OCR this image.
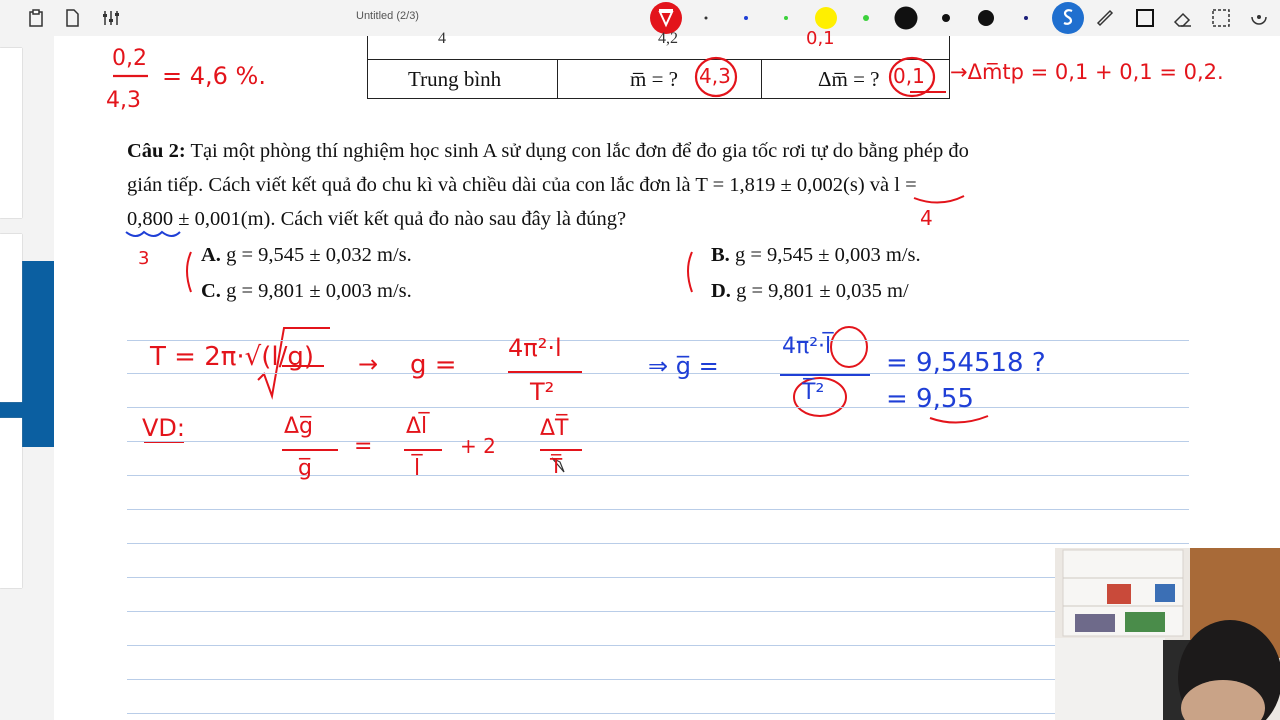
Untitled (2/3)
4	4,2	0,1
Trung bình	m̅ = ?	Δm̅ = ?
Câu 2: Tại một phòng thí nghiệm học sinh A sử dụng con lắc đơn để đo gia tốc rơi tự do bằng phép đo
gián tiếp. Cách viết kết quả đo chu kì và chiều dài của con lắc đơn là T = 1,819 ± 0,002(s) và l =
0,800 ± 0,001(m). Cách viết kết quả đo nào sau đây là đúng?
A. g = 9,545 ± 0,032 m/s.	B. g = 9,545 ± 0,003 m/s.
C. g = 9,801 ± 0,003 m/s.	D. g = 9,801 ± 0,035 m/
0,2
4,3
= 4,6 %.	4,3	0,1 →Δm̅tp = 0,1 + 0,1 = 0,2.
4
3
T = 2π·√(l/g) → g =
4π²·l
T²
⇒ g̅ =
4π²·l̅
T̅²
= 9,54518 ?
= 9,55
VD:	Δg̅
g̅
=
Δl̅
l̅
+ 2
ΔT̅
T̅
